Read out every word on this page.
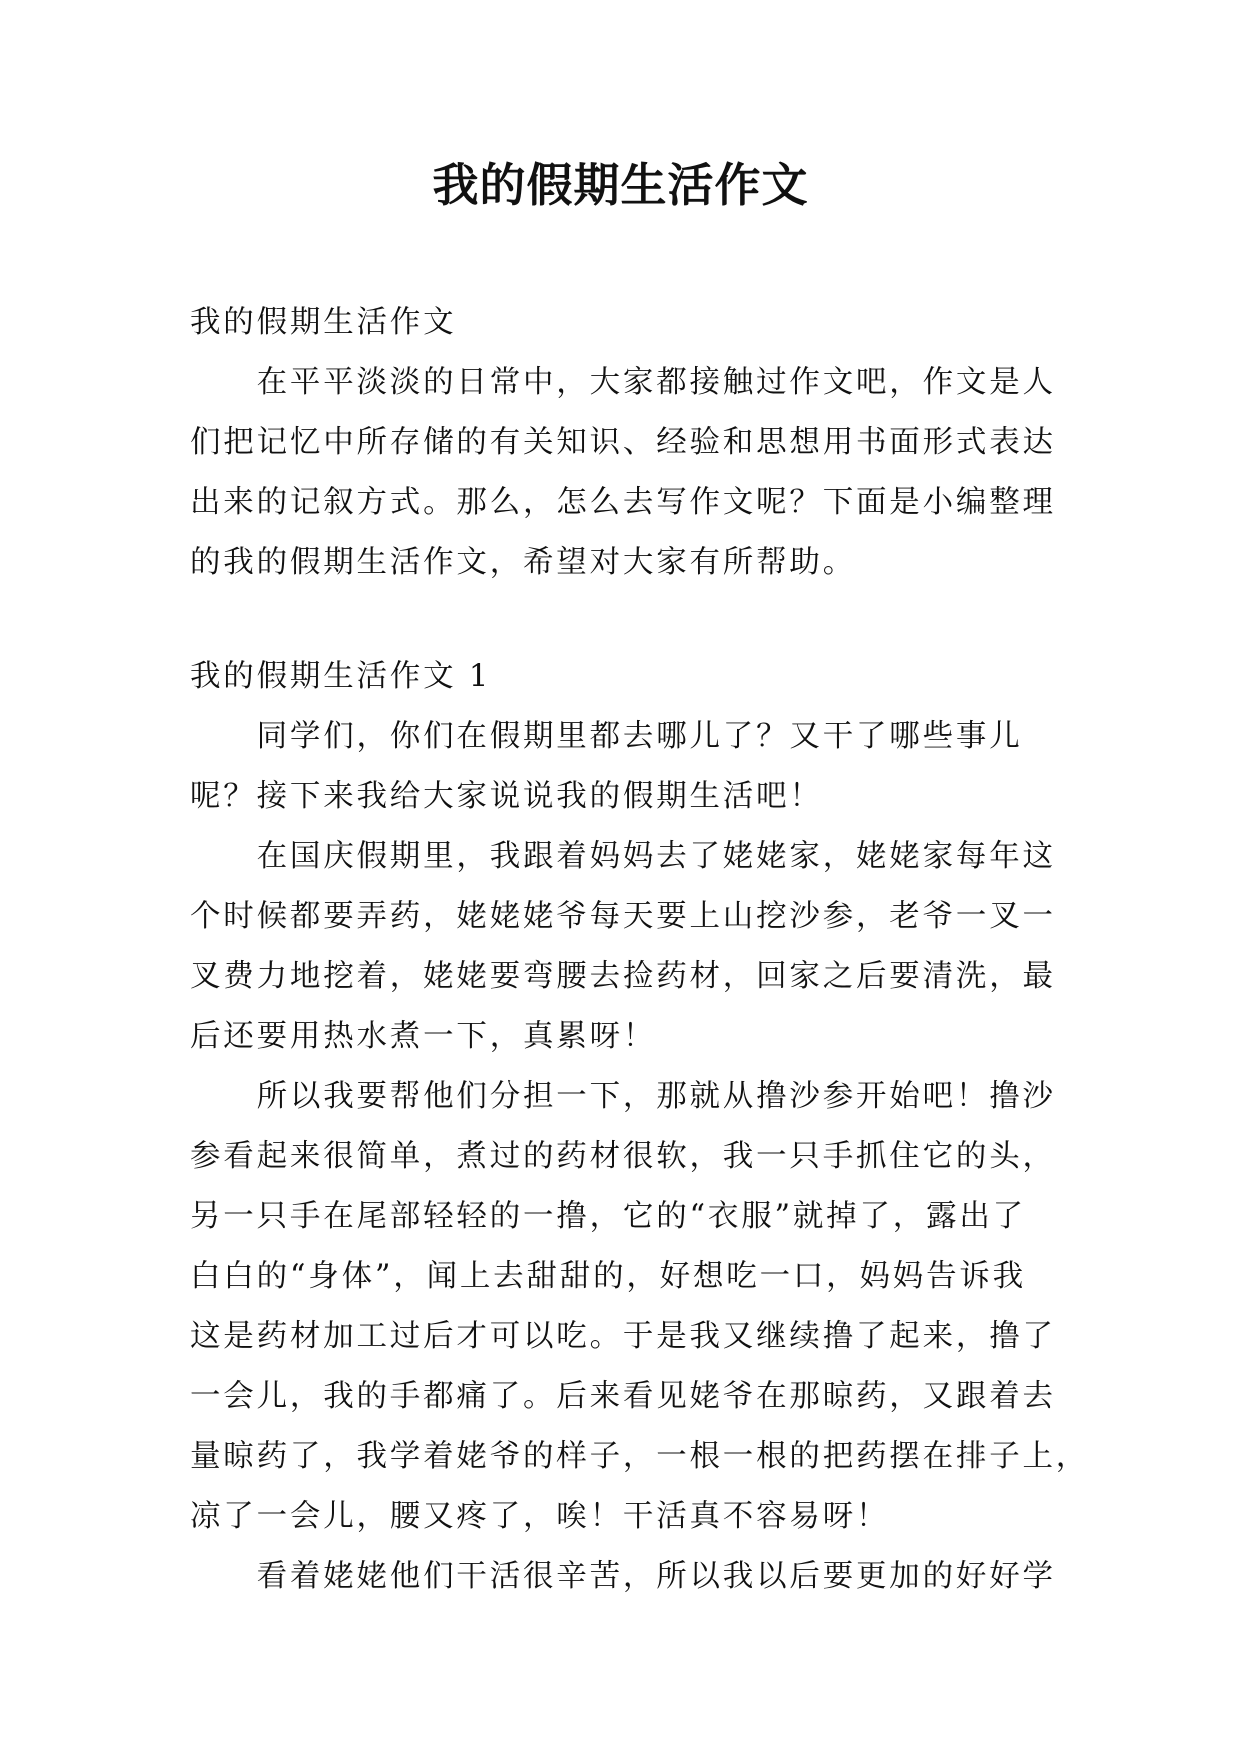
我的假期生活作文
我的假期生活作文
　　在平平淡淡的日常中，大家都接触过作文吧，作文是人
们把记忆中所存储的有关知识、经验和思想用书面形式表达
出来的记叙方式。那么，怎么去写作文呢？下面是小编整理
的我的假期生活作文，希望对大家有所帮助。
我的假期生活作文 1
　　同学们，你们在假期里都去哪儿了？又干了哪些事儿
呢？接下来我给大家说说我的假期生活吧！
　　在国庆假期里，我跟着妈妈去了姥姥家，姥姥家每年这
个时候都要弄药，姥姥姥爷每天要上山挖沙参，老爷一叉一
叉费力地挖着，姥姥要弯腰去捡药材，回家之后要清洗，最
后还要用热水煮一下，真累呀！
　　所以我要帮他们分担一下，那就从撸沙参开始吧！撸沙
参看起来很简单，煮过的药材很软，我一只手抓住它的头，
另一只手在尾部轻轻的一撸，它的“衣服”就掉了，露出了
白白的“身体”，闻上去甜甜的，好想吃一口，妈妈告诉我
这是药材加工过后才可以吃。于是我又继续撸了起来，撸了
一会儿，我的手都痛了。后来看见姥爷在那晾药，又跟着去
量晾药了，我学着姥爷的样子，一根一根的把药摆在排子上，
凉了一会儿，腰又疼了，唉！干活真不容易呀！
　　看着姥姥他们干活很辛苦，所以我以后要更加的好好学
